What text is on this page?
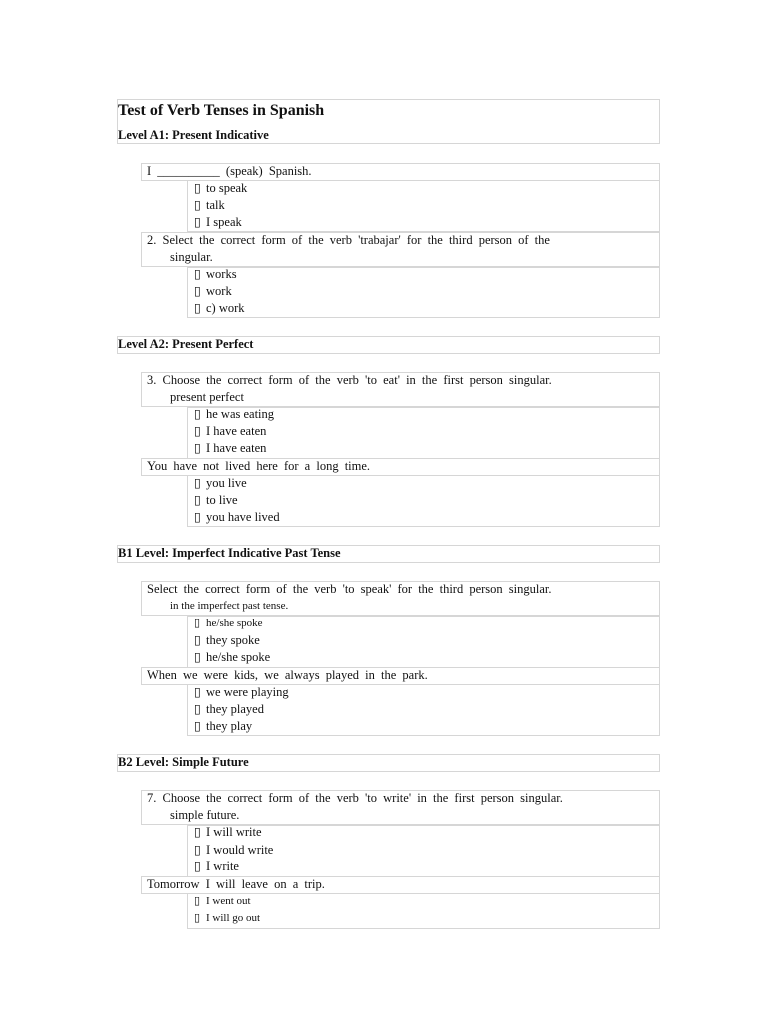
Test of Verb Tenses in Spanish
Level A1: Present Indicative
I __________ (speak) Spanish.
▯ to speak
▯ talk
▯ I speak
2. Select the correct form of the verb 'trabajar' for the third person of the
singular.
▯ works
▯ work
▯ c) work
Level A2: Present Perfect
3. Choose the correct form of the verb 'to eat' in the first person singular.
present perfect
▯ he was eating
▯ I have eaten
▯ I have eaten
You have not lived here for a long time.
▯ you live
▯ to live
▯ you have lived
B1 Level: Imperfect Indicative Past Tense
Select the correct form of the verb 'to speak' for the third person singular.
in the imperfect past tense.
▯ he/she spoke
▯ they spoke
▯ he/she spoke
When we were kids, we always played in the park.
▯ we were playing
▯ they played
▯ they play
B2 Level: Simple Future
7. Choose the correct form of the verb 'to write' in the first person singular.
simple future.
▯ I will write
▯ I would write
▯ I write
Tomorrow I will leave on a trip.
▯ I went out
▯ I will go out
